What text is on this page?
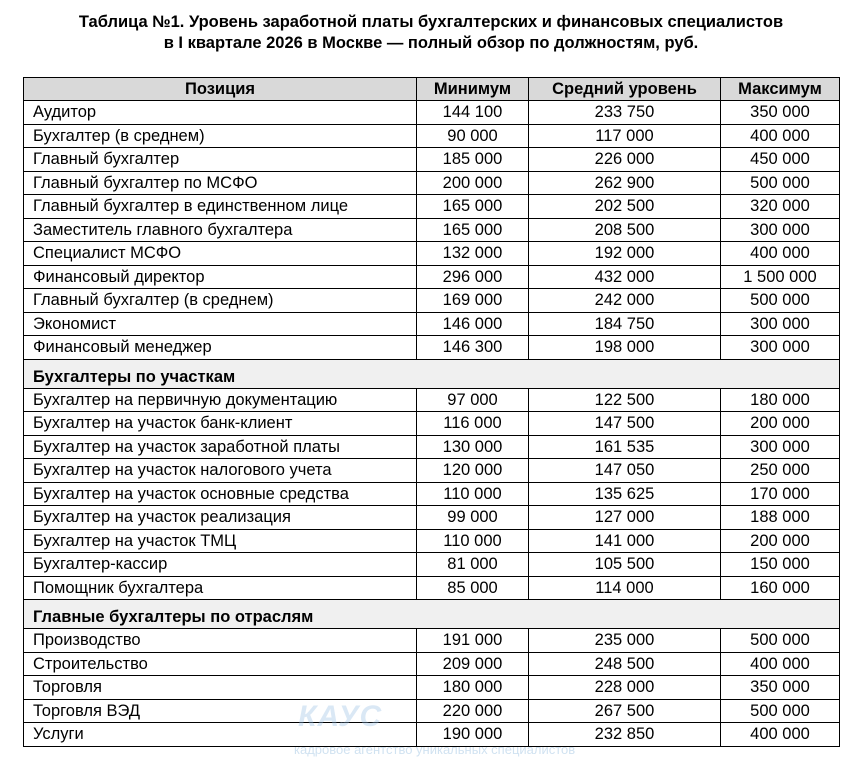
Таблица №1. Уровень заработной платы бухгалтерских и финансовых специалистов
в I квартале 2026 в Москве — полный обзор по должностям, руб.
Позиция	Минимум	Средний уровень	Максимум
Аудитор	144 100	233 750	350 000
Бухгалтер (в среднем)	90 000	117 000	400 000
Главный бухгалтер	185 000	226 000	450 000
Главный бухгалтер по МСФО	200 000	262 900	500 000
Главный бухгалтер в единственном лице	165 000	202 500	320 000
Заместитель главного бухгалтера	165 000	208 500	300 000
Специалист МСФО	132 000	192 000	400 000
Финансовый директор	296 000	432 000	1 500 000
Главный бухгалтер (в среднем)	169 000	242 000	500 000
Экономист	146 000	184 750	300 000
Финансовый менеджер	146 300	198 000	300 000
Бухгалтеры по участкам			
Бухгалтер на первичную документацию	97 000	122 500	180 000
Бухгалтер на участок банк-клиент	116 000	147 500	200 000
Бухгалтер на участок заработной платы	130 000	161 535	300 000
Бухгалтер на участок налогового учета	120 000	147 050	250 000
Бухгалтер на участок основные средства	110 000	135 625	170 000
Бухгалтер на участок реализация	99 000	127 000	188 000
Бухгалтер на участок ТМЦ	110 000	141 000	200 000
Бухгалтер-кассир	81 000	105 500	150 000
Помощник бухгалтера	85 000	114 000	160 000
Главные бухгалтеры по отраслям			
Производство	191 000	235 000	500 000
Строительство	209 000	248 500	400 000
Торговля	180 000	228 000	350 000
Торговля ВЭД	220 000	267 500	500 000
Услуги	190 000	232 850	400 000
КАУС
кадровое агентство уникальных специалистов
